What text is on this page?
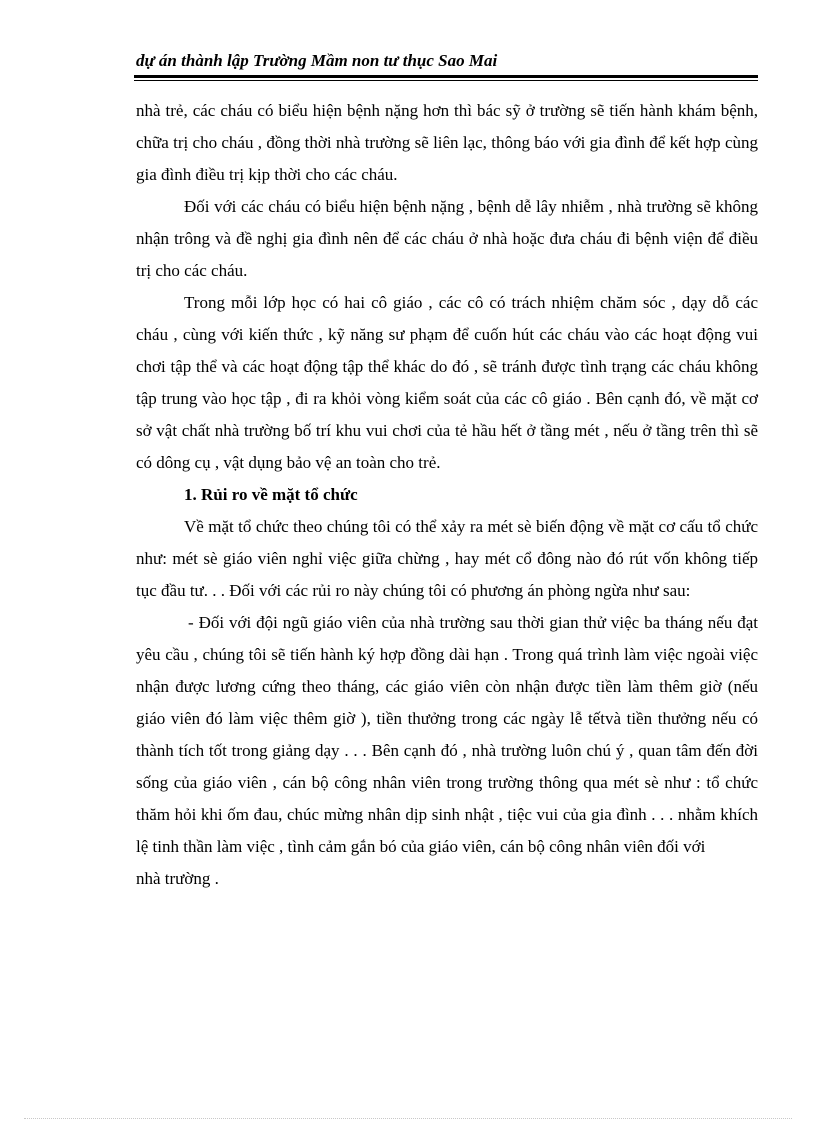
dự án thành lập Trường Mầm non tư thục Sao Mai

nhà trẻ, các cháu có biểu hiện bệnh nặng hơn thì bác sỹ ở trường sẽ tiến hành khám bệnh, chữa trị cho cháu , đồng thời nhà trường sẽ liên lạc, thông báo với gia đình để kết hợp cùng gia đình điều trị kịp thời cho các cháu.

Đối với các cháu có biểu hiện bệnh nặng , bệnh dễ lây nhiễm , nhà trường sẽ không nhận trông và đề nghị gia đình nên để các cháu ở nhà hoặc đưa cháu đi bệnh viện để điều trị cho các cháu.

Trong mỗi lớp học có hai cô giáo , các cô có trách nhiệm chăm sóc , dạy dỗ các cháu , cùng với kiến thức , kỹ năng sư phạm để cuốn hút các cháu vào các hoạt động vui chơi tập thể và các hoạt động tập thể khác do đó , sẽ tránh được tình trạng các cháu không tập trung vào học tập , đi ra khỏi vòng kiểm soát của các cô giáo . Bên cạnh đó, về mặt cơ sở vật chất nhà trường bố trí khu vui chơi của tẻ hầu hết ở tầng mét , nếu ở tầng trên thì sẽ có dông cụ , vật dụng bảo vệ an toàn cho trẻ.

1. Rủi ro về mặt tổ chức

Về mặt tổ chức theo chúng tôi có thể xảy ra mét sè biến động về mặt cơ cấu tổ chức như: mét sè giáo viên nghỉ việc giữa chừng , hay mét cổ đông nào đó rút vốn không tiếp tục đầu tư. . . Đối với các rủi ro này chúng tôi có phương án phòng ngừa như sau:

- Đối với đội ngũ giáo viên của nhà trường sau thời gian thử việc ba tháng nếu đạt yêu cầu , chúng tôi sẽ tiến hành ký hợp đồng dài hạn . Trong quá trình làm việc ngoài việc nhận được lương cứng theo tháng, các giáo viên còn nhận được tiền làm thêm giờ (nếu giáo viên đó làm việc thêm giờ ), tiền thưởng trong các ngày lễ tếtvà tiền thưởng nếu có thành tích tốt trong giảng dạy . . . Bên cạnh đó , nhà trường luôn chú ý , quan tâm đến đời sống của giáo viên , cán bộ công nhân viên trong trường thông qua mét sè như : tổ chức thăm hỏi khi ốm đau, chúc mừng nhân dịp sinh nhật , tiệc vui của gia đình . . . nhằm khích lệ tinh thần làm việc , tình cảm gắn bó của giáo viên, cán bộ công nhân viên đối với

nhà trường .
